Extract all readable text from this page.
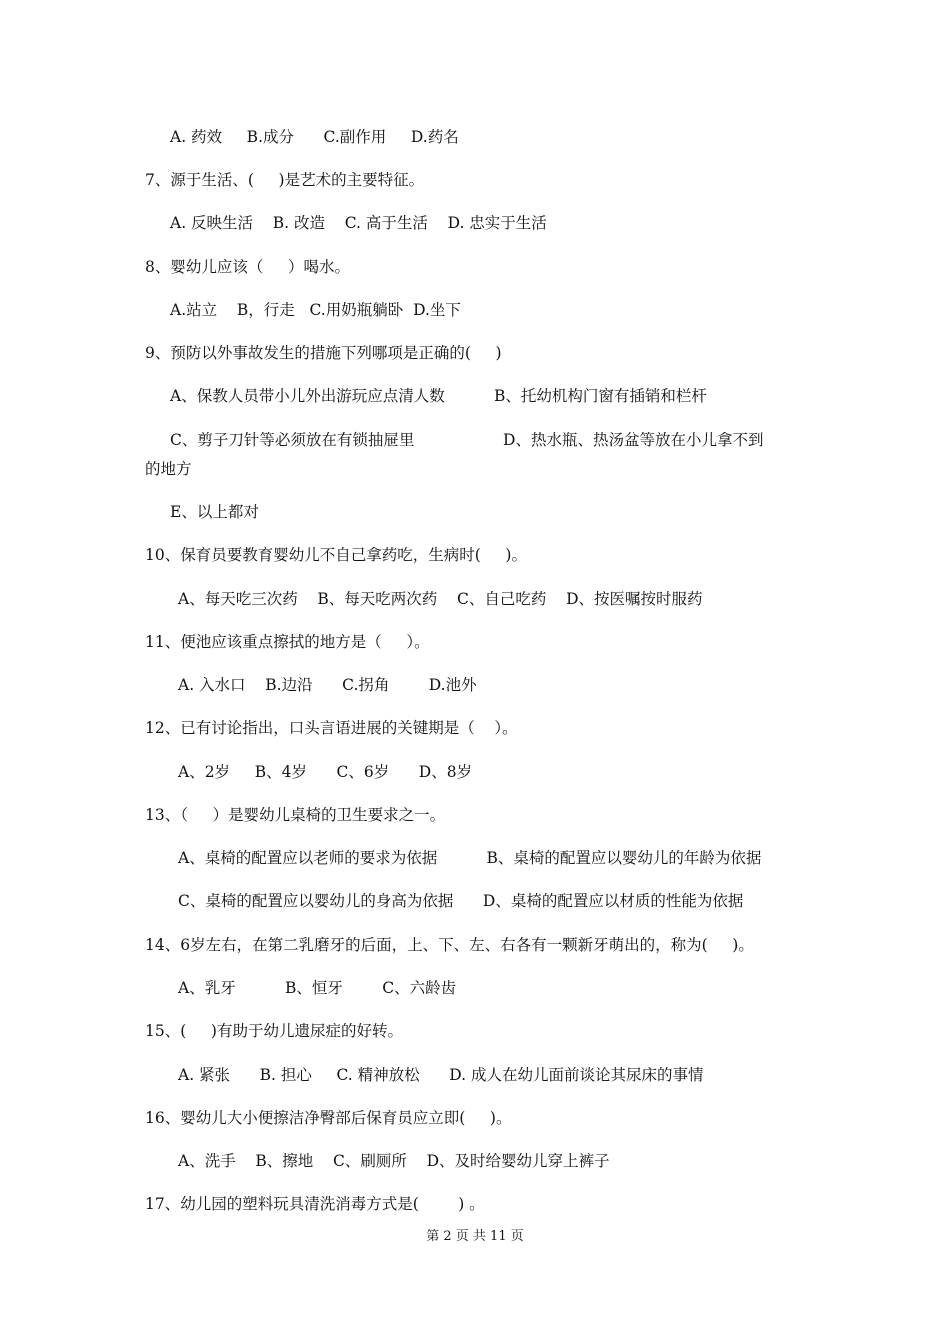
A. 药效     B.成分      C.副作用     D.药名
7、源于生活、(     )是艺术的主要特征。
A. 反映生活    B. 改造    C. 高于生活    D. 忠实于生活
8、婴幼儿应该（     ）喝水。
A.站立    B，行走   C.用奶瓶躺卧  D.坐下
9、预防以外事故发生的措施下列哪项是正确的(     )
A、保教人员带小儿外出游玩应点清人数          B、托幼机构门窗有插销和栏杆
C、剪子刀针等必须放在有锁抽屉里                  D、热水瓶、热汤盆等放在小儿拿不到
的地方
E、以上都对
10、保育员要教育婴幼儿不自己拿药吃，生病时(     )。
A、每天吃三次药    B、每天吃两次药    C、自己吃药    D、按医嘱按时服药
11、便池应该重点擦拭的地方是（     ）。
A. 入水口    B.边沿      C.拐角        D.池外
12、已有讨论指出，口头言语进展的关键期是（    ）。
A、2岁     B、4岁      C、6岁      D、8岁
13、（     ）是婴幼儿桌椅的卫生要求之一。
A、桌椅的配置应以老师的要求为依据          B、桌椅的配置应以婴幼儿的年龄为依据
C、桌椅的配置应以婴幼儿的身高为依据      D、桌椅的配置应以材质的性能为依据
14、6岁左右，在第二乳磨牙的后面，上、下、左、右各有一颗新牙萌出的，称为(     )。
A、乳牙          B、恒牙        C、六龄齿
15、(     )有助于幼儿遗尿症的好转。
A. 紧张      B. 担心     C. 精神放松      D. 成人在幼儿面前谈论其尿床的事情
16、婴幼儿大小便擦洁净臀部后保育员应立即(     )。
A、洗手    B、擦地    C、刷厕所    D、及时给婴幼儿穿上裤子
17、幼儿园的塑料玩具清洗消毒方式是(        ) 。
第 2 页 共 11 页
